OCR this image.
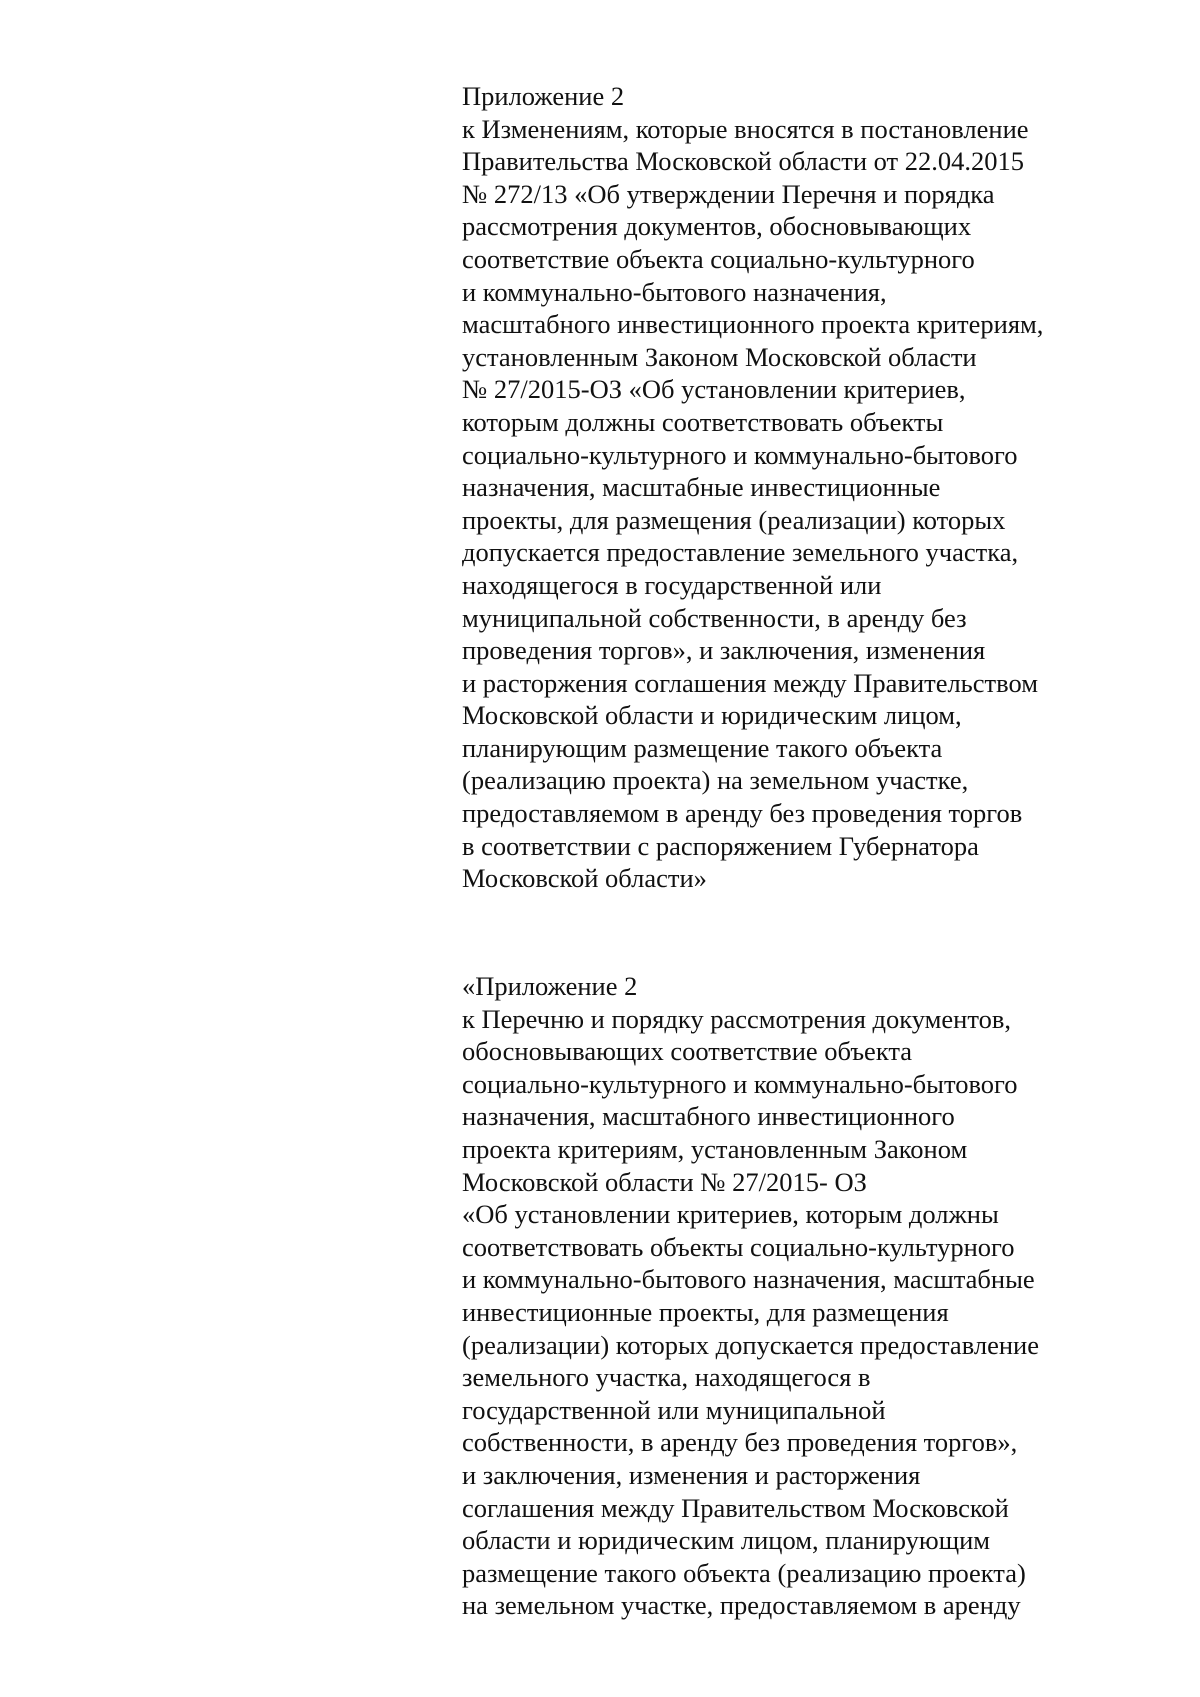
Приложение 2
к Изменениям, которые вносятся в постановление
Правительства Московской области от 22.04.2015
№ 272/13 «Об утверждении Перечня и порядка
рассмотрения документов, обосновывающих
соответствие объекта социально-культурного
и коммунально-бытового назначения,
масштабного инвестиционного проекта критериям,
установленным Законом Московской области
№ 27/2015-ОЗ «Об установлении критериев,
которым должны соответствовать объекты
социально-культурного и коммунально-бытового
назначения, масштабные инвестиционные
проекты, для размещения (реализации) которых
допускается предоставление земельного участка,
находящегося в государственной или
муниципальной собственности, в аренду без
проведения торгов», и заключения, изменения
и расторжения соглашения между Правительством
Московской области и юридическим лицом,
планирующим размещение такого объекта
(реализацию проекта) на земельном участке,
предоставляемом в аренду без проведения торгов
в соответствии с распоряжением Губернатора
Московской области»
«Приложение 2
к Перечню и порядку рассмотрения документов,
обосновывающих соответствие объекта
социально-культурного и коммунально-бытового
назначения, масштабного инвестиционного
проекта критериям, установленным Законом
Московской области № 27/2015- ОЗ
«Об установлении критериев, которым должны
соответствовать объекты социально-культурного
и коммунально-бытового назначения, масштабные
инвестиционные проекты, для размещения
(реализации) которых допускается предоставление
земельного участка, находящегося в
государственной или муниципальной
собственности, в аренду без проведения торгов»,
и заключения, изменения и расторжения
соглашения между Правительством Московской
области и юридическим лицом, планирующим
размещение такого объекта (реализацию проекта)
на земельном участке, предоставляемом в аренду
